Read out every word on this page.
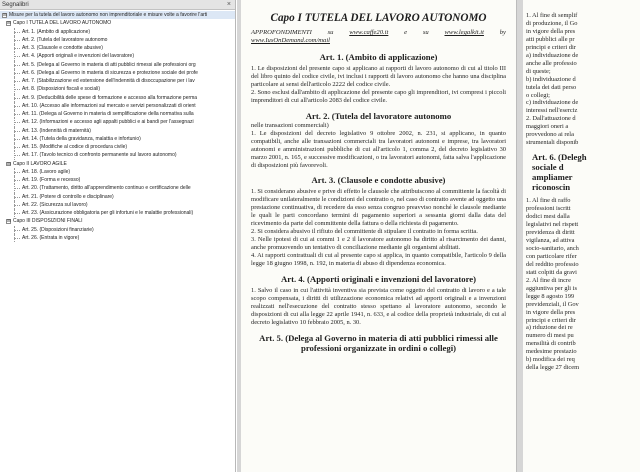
Segnalibri	×
⊟ Misure per la tutela del lavoro autonomo non imprenditoriale e misure volte a favorire l'arti
⊟ Capo I TUTELA DEL LAVORO AUTONOMO
Art. 1. (Ambito di applicazione)
Art. 2. (Tutela del lavoratore autonomo
Art. 3. (Clausole e condotte abusive)
Art. 4. (Apporti originali e invenzioni del lavoratore)
Art. 5. (Delega al Governo in materia di atti pubblici rimessi alle professioni org
Art. 6. (Delega al Governo in materia di sicurezza e protezione sociale dei profe
Art. 7. (Stabilizzazione ed estensione dell'indennità di disoccupazione per i lav
Art. 8. (Disposizioni fiscali e sociali)
Art. 9. (Deducibilità delle spese di formazione e accesso alla formazione perma
Art. 10. (Accesso alle informazioni sul mercato e servizi personalizzati di orient
Art. 11. (Delega al Governo in materia di semplificazione della normativa sulla
Art. 12. (Informazioni e accesso agli appalti pubblici e ai bandi per l'assegnazi
Art. 13. (Indennità di maternità)
Art. 14. (Tutela della gravidanza, malattia e infortunio)
Art. 15. (Modifiche al codice di procedura civile)
Art. 17. (Tavolo tecnico di confronto permanente sul lavoro autonomo)
⊟ Capo II LAVORO AGILE
Art. 18. (Lavoro agile)
Art. 19. (Forma e recesso)
Art. 20. (Trattamento, diritto all'apprendimento continuo e certificazione delle
Art. 21. (Potere di controllo e disciplinare)
Art. 22. (Sicurezza sul lavoro)
Art. 23. (Assicurazione obbligatoria per gli infortuni e le malattie professionali)
⊟ Capo III DISPOSIZIONI FINALI
Art. 25. (Disposizioni finanziarie)
Art. 26. (Entrata in vigore)
Capo I TUTELA DEL LAVORO AUTONOMO
APPROFONDIMENTI su www.caffe20.it e su www.legalkit.it by
www.IusOnDemand.com/mail
Art. 1. (Ambito di applicazione)

1. Le disposizioni del presente capo si applicano ai rapporti di lavoro autonomo di cui al titolo III del libro quinto del codice civile, ivi inclusi i rapporti di lavoro autonomo che hanno una disciplina particolare ai sensi dell'articolo 2222 del codice civile.

2. Sono esclusi dall'ambito di applicazione del presente capo gli imprenditori, ivi compresi i piccoli imprenditori di cui all'articolo 2083 del codice civile.

Art. 2. (Tutela del lavoratore autonomo

nelle transazioni commerciali)

1. Le disposizioni del decreto legislativo 9 ottobre 2002, n. 231, si applicano, in quanto compatibili, anche alle transazioni commerciali tra lavoratori autonomi e imprese, tra lavoratori autonomi e amministrazioni pubbliche di cui all'articolo 1, comma 2, del decreto legislativo 30 marzo 2001, n. 165, e successive modificazioni, o tra lavoratori autonomi, fatta salva l'applicazione di disposizioni più favorevoli.

Art. 3. (Clausole e condotte abusive)

1. Si considerano abusive e prive di effetto le clausole che attribuiscono al committente la facoltà di modificare unilateralmente le condizioni del contratto o, nel caso di contratto avente ad oggetto una prestazione continuativa, di recedere da esso senza congruo preavviso nonché le clausole mediante le quali le parti concordano termini di pagamento superiori a sessanta giorni dalla data del ricevimento da parte del committente della fattura o della richiesta di pagamento.

2. Si considera abusivo il rifiuto del committente di stipulare il contratto in forma scritta.

3. Nelle ipotesi di cui ai commi 1 e 2 il lavoratore autonomo ha diritto al risarcimento dei danni, anche promuovendo un tentativo di conciliazione mediante gli organismi abilitati.

4. Ai rapporti contrattuali di cui al presente capo si applica, in quanto compatibile, l'articolo 9 della legge 18 giugno 1998, n. 192, in materia di abuso di dipendenza economica.

Art. 4. (Apporti originali e invenzioni del lavoratore)

1. Salvo il caso in cui l'attività inventiva sia prevista come oggetto del contratto di lavoro e a tale scopo compensata, i diritti di utilizzazione economica relativi ad apporti originali e a invenzioni realizzati nell'esecuzione del contratto stesso spettano al lavoratore autonomo, secondo le disposizioni di cui alla legge 22 aprile 1941, n. 633, e al codice della proprietà industriale, di cui al decreto legislativo 10 febbraio 2005, n. 30.

Art. 5. (Delega al Governo in materia di atti pubblici rimessi alle
professioni organizzate in ordini o collegi)
1. Al fine di semplif
di produzione, il Go
in vigore della pres
atti pubblici alle pr
principi e criteri dir
a) individuazione de
anche alle professio
di queste;
b) individuazione d
tutela dei dati perso
o collegi;
c) individuazione de
interessi nell'eserciz
2. Dall'attuazione d
maggiori oneri a
provvedono ai rela
strumentali disponib
Art. 6. (Delegh
sociale d
ampliamer
riconoscin
1. Al fine di raffo
professioni iscritt
dodici mesi dalla
legislativi nel rispett
previdenza di diritt
vigilanza, ad attiva
socio-sanitario, anch
con particolare rifer
del reddito professio
stati colpiti da gravi
2. Al fine di incre
aggiuntiva per gli is
legge 8 agosto 199
previdenziali, il Gov
in vigore della pres
principi e criteri dir
a) riduzione dei re
numero di mesi pu
mensilità di contrib
medesime prestazio
b) modifica dei req
della legge 27 dicem
